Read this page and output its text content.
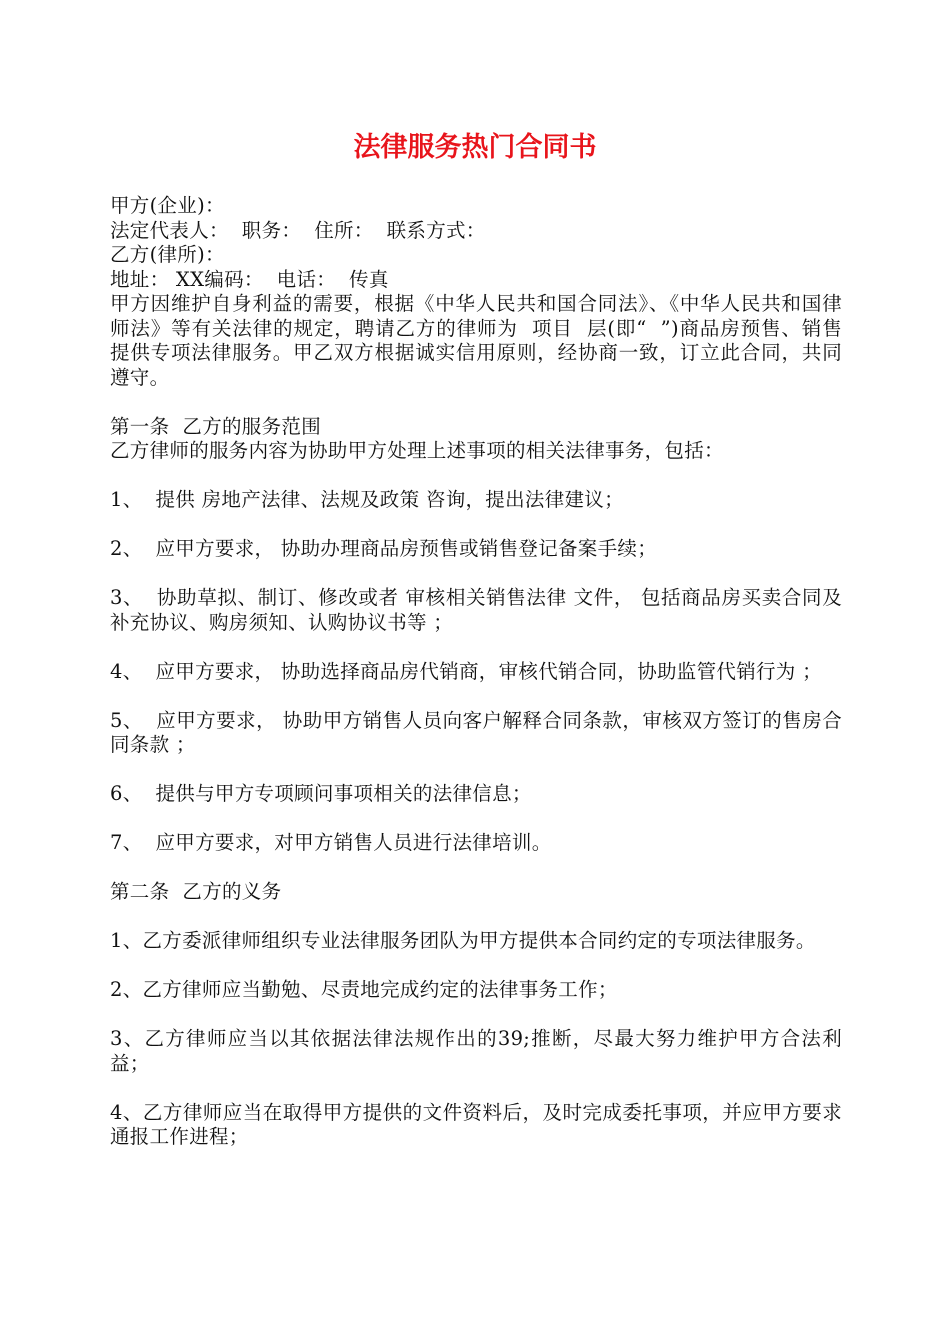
法律服务热门合同书

甲方(企业)：

法定代表人：  职务：  住所：  联系方式：

乙方(律所)：

地址： XX编码：  电话：  传真

甲方因维护自身利益的需要，根据《中华人民共和国合同法》、《中华人民共和国律师法》等有关法律的规定，聘请乙方的律师为  项目  层(即“  ”)商品房预售、销售 提供专项法律服务。甲乙双方根据诚实信用原则，经协商一致，订立此合同，共同遵守。

第一条  乙方的服务范围

乙方律师的服务内容为协助甲方处理上述事项的相关法律事务，包括：

1、  提供 房地产法律、法规及政策 咨询，提出法律建议；

2、  应甲方要求， 协助办理商品房预售或销售登记备案手续；

3、  协助草拟、制订、修改或者 审核相关销售法律 文件， 包括商品房买卖合同及补充协议、购房须知、认购协议书等 ；

4、  应甲方要求， 协助选择商品房代销商，审核代销合同，协助监管代销行为 ；

5、  应甲方要求， 协助甲方销售人员向客户解释合同条款，审核双方签订的售房合同条款 ；

6、  提供与甲方专项顾问事项相关的法律信息；

7、  应甲方要求，对甲方销售人员进行法律培训。

第二条  乙方的义务

1、乙方委派律师组织专业法律服务团队为甲方提供本合同约定的专项法律服务。

2、乙方律师应当勤勉、尽责地完成约定的法律事务工作；

3、乙方律师应当以其依据法律法规作出的39;推断，尽最大努力维护甲方合法利益；

4、乙方律师应当在取得甲方提供的文件资料后，及时完成委托事项，并应甲方要求通报工作进程；
